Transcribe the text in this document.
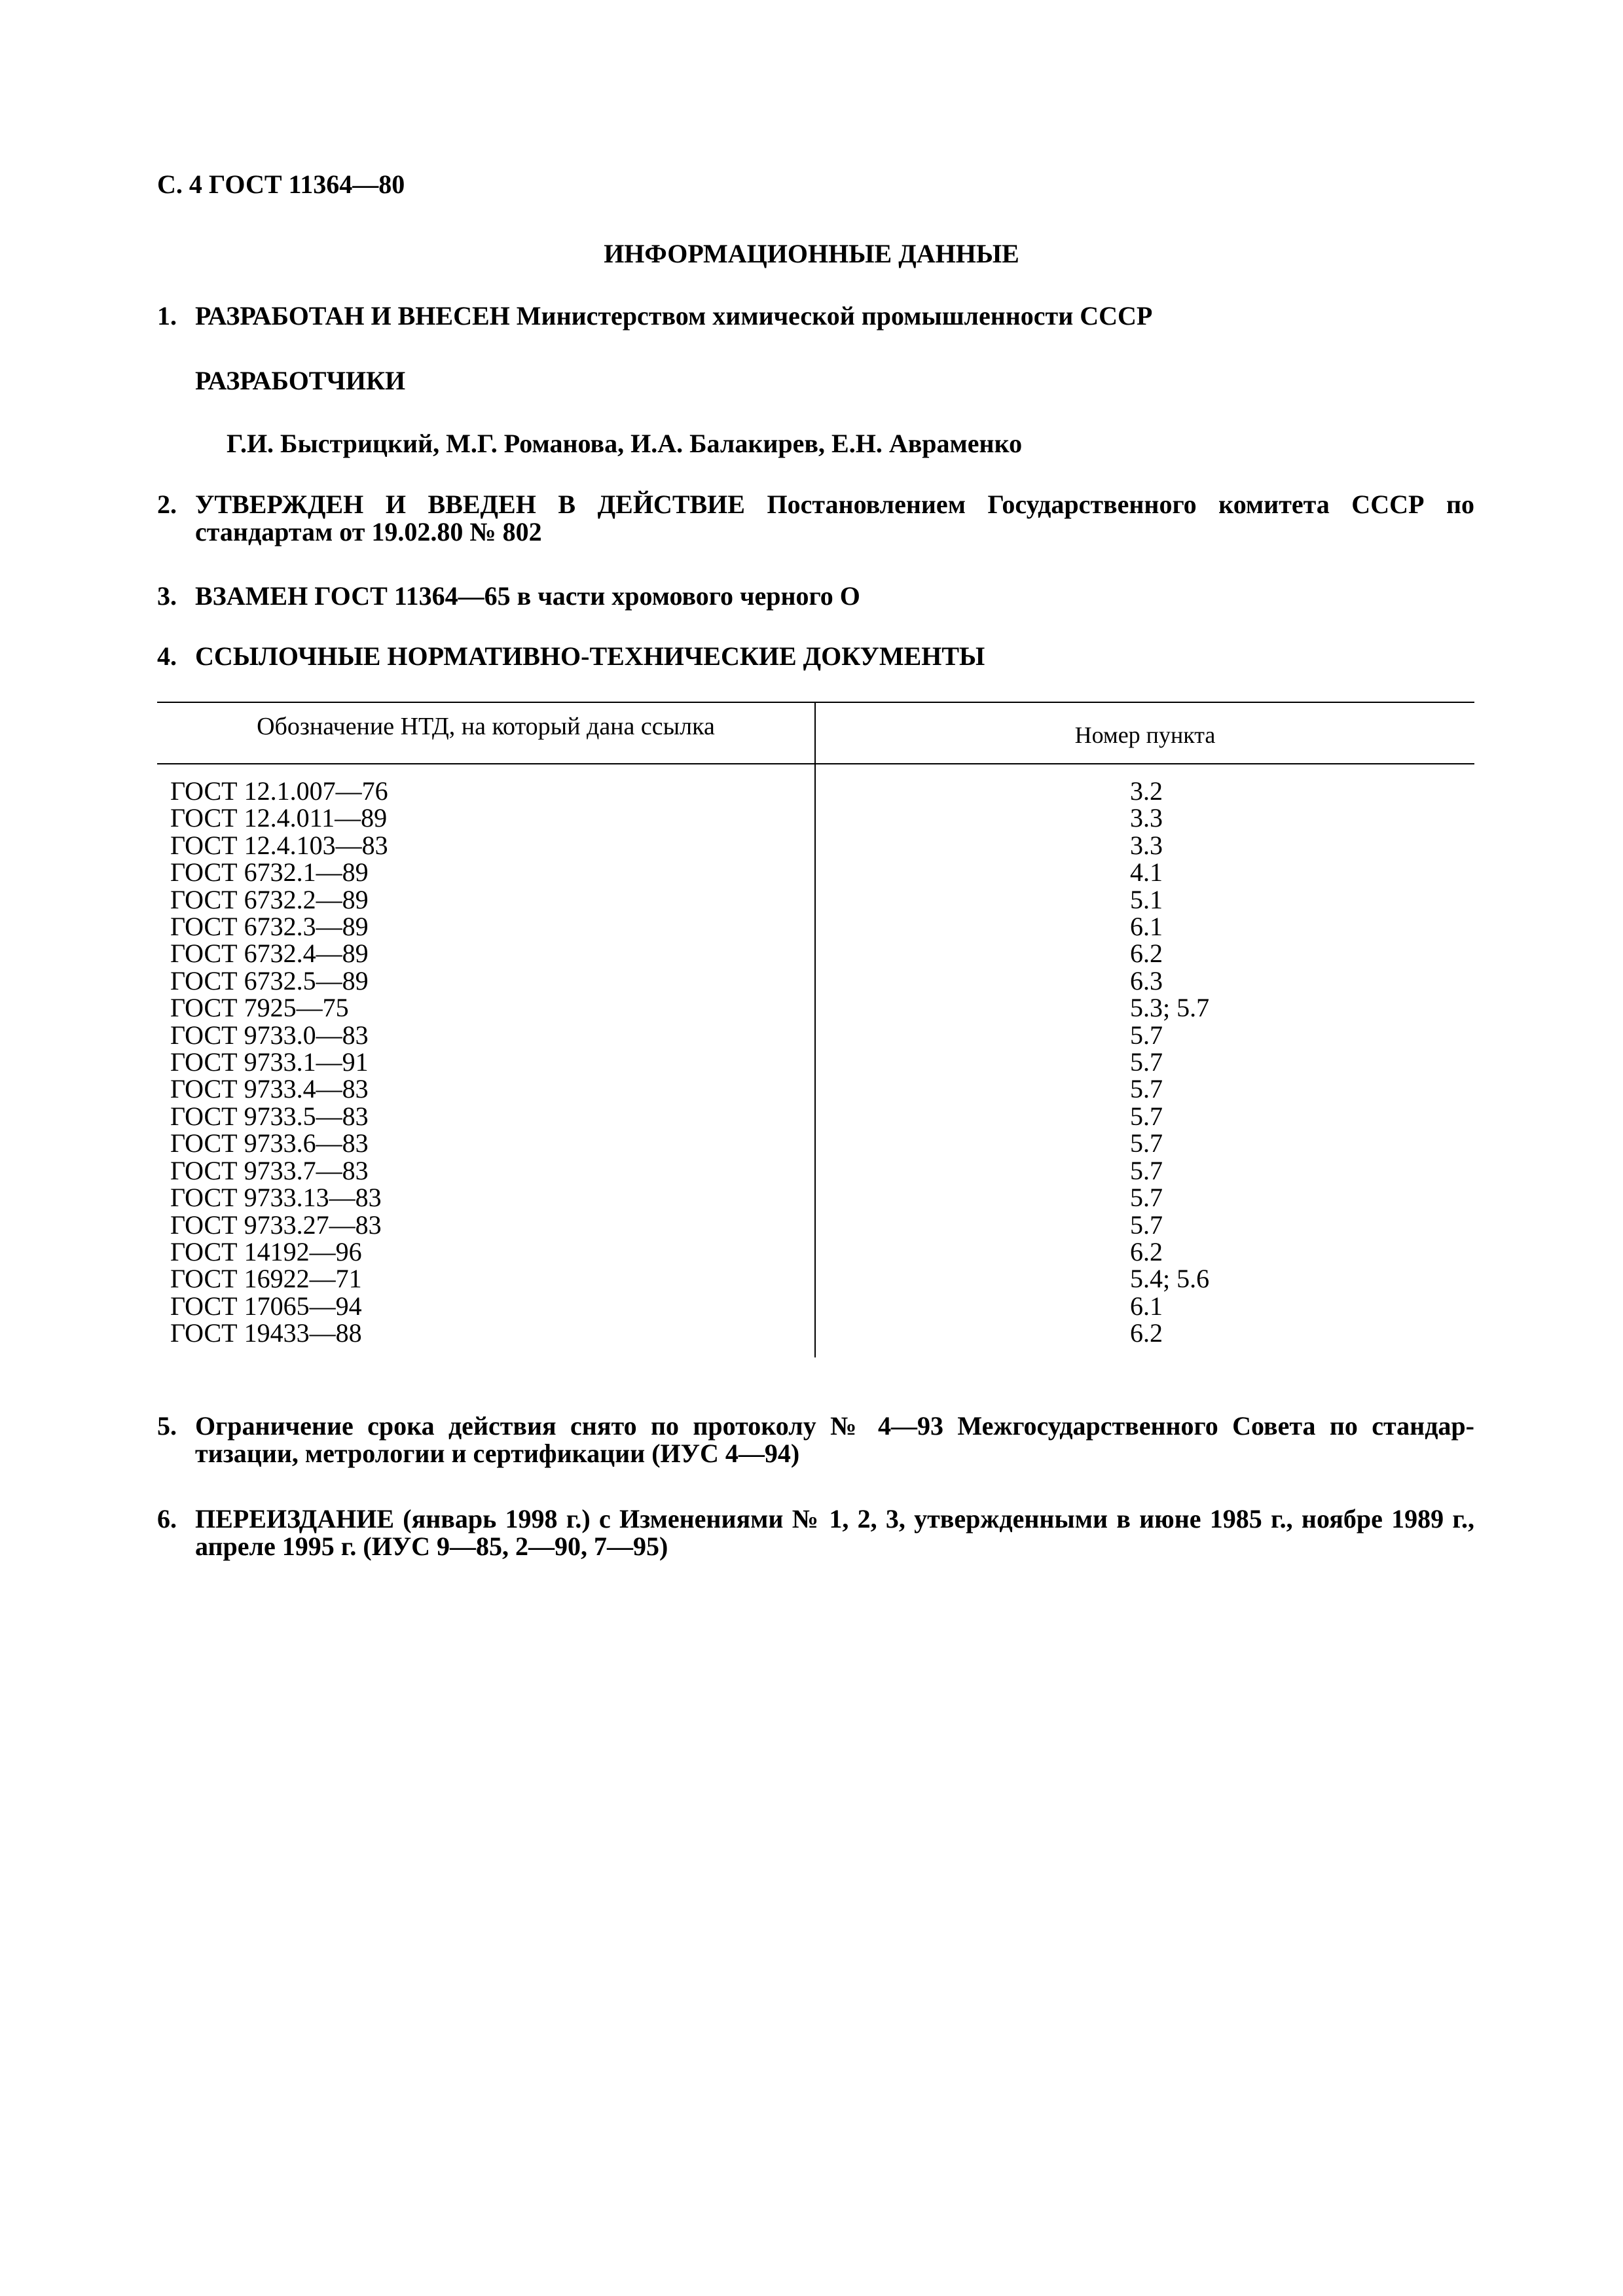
С. 4 ГОСТ 11364—80
ИНФОРМАЦИОННЫЕ ДАННЫЕ
1. РАЗРАБОТАН И ВНЕСЕН Министерством химической промышленности СССР
РАЗРАБОТЧИКИ
Г.И. Быстрицкий, М.Г. Романова, И.А. Балакирев, Е.Н. Авраменко
2. УТВЕРЖДЕН И ВВЕДЕН В ДЕЙСТВИЕ Постановлением Государственного комитета СССР по стандартам от 19.02.80 № 802
3. ВЗАМЕН ГОСТ 11364—65 в части хромового черного О
4. ССЫЛОЧНЫЕ НОРМАТИВНО-ТЕХНИЧЕСКИЕ ДОКУМЕНТЫ
Обозначение НТД, на который дана ссылка	Номер пункта
ГОСТ 12.1.007—76
ГОСТ 12.4.011—89
ГОСТ 12.4.103—83
ГОСТ 6732.1—89
ГОСТ 6732.2—89
ГОСТ 6732.3—89
ГОСТ 6732.4—89
ГОСТ 6732.5—89
ГОСТ 7925—75
ГОСТ 9733.0—83
ГОСТ 9733.1—91
ГОСТ 9733.4—83
ГОСТ 9733.5—83
ГОСТ 9733.6—83
ГОСТ 9733.7—83
ГОСТ 9733.13—83
ГОСТ 9733.27—83
ГОСТ 14192—96
ГОСТ 16922—71
ГОСТ 17065—94
ГОСТ 19433—88
3.2
3.3
3.3
4.1
5.1
6.1
6.2
6.3
5.3; 5.7
5.7
5.7
5.7
5.7
5.7
5.7
5.7
5.7
6.2
5.4; 5.6
6.1
6.2
5. Ограничение срока действия снято по протоколу № 4—93 Межгосударственного Совета по стандартизации, метрологии и сертификации (ИУС 4—94)
6. ПЕРЕИЗДАНИЕ (январь 1998 г.) с Изменениями № 1, 2, 3, утвержденными в июне 1985 г., ноябре 1989 г., апреле 1995 г. (ИУС 9—85, 2—90, 7—95)
